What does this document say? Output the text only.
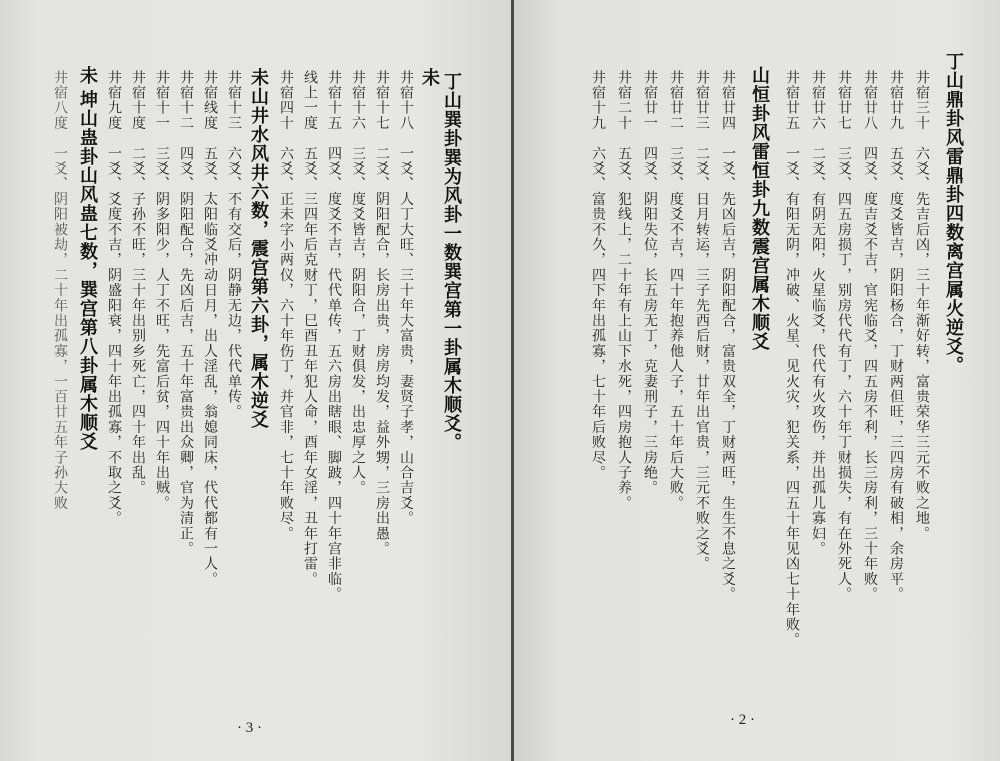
丁山巽卦巽为风卦一数巽宫第一卦属木顺爻。
未
井宿十八　一爻、人丁大旺、三十年大富贵，妻贤子孝，山合吉爻。
井宿十七　二爻、阴阳配合，长房出贵，房房均发，益外甥，三房出愚。
井宿十六　三爻、度爻皆吉，阴阳合，丁财俱发，出忠厚之人。
井宿十五　四爻、度爻不吉，代代单传，五六房出瞎眼、脚跛，四十年宫非临。
线上一度　五爻、三四年后克财丁，巳酉丑年犯人命，酉年女淫，丑年打雷。
井宿四十　六爻、正未字小两仪，六十年伤丁，并官非，七十年败尽。
未山井水风井六数，震宫第六卦，属木逆爻
井宿十三　六爻、不有交后，阴静无边，代代单传。
井宿线度　五爻、太阳临爻冲动日月，出人淫乱，翁媳同床，代代都有一人。
井宿十二　四爻、阴阳配合，先凶后吉，五十年富贵出众卿，官为清正。
井宿十一　三爻、阴多阳少，人丁不旺，先富后贫，四十年出贼。
井宿十度　二爻、子孙不旺，三十年出别乡死亡，四十年出乱。
井宿九度　一爻、爻度不吉，阴盛阳衰，四十年出孤寡，不取之爻。
坤山蛊卦山风蛊七数，巽宫第八卦属木顺爻
未
井宿八度　一爻、阴阳被劫，二十年出孤寡，一百廿五年子孙大败
· 3 ·
丁山鼎卦风雷鼎卦四数离宫属火逆爻。
井宿三十　六爻、先吉后凶，三十年渐好转，富贵荣华三元不败之地。
井宿廿九　五爻、度爻皆吉，阴阳杨合，丁财两但旺，三四房有破相，余房平。
井宿廿八　四爻、度吉爻不吉，官宪临爻，四五房不利，长三房利，三十年败。
井宿廿七　三爻、四五房损丁，别房代代有丁，六十年丁财损失，有在外死人。
井宿廿六　二爻、有阴无阳，火星临爻，代代有火攻伤，并出孤儿寡妇。
井宿廿五　一爻、有阳无阴，冲破、火星、见火灾，犯关系，四五十年见凶七十年败。
山恒卦风雷恒卦九数震宫属木顺爻
井宿廿四　一爻、先凶后吉，阴阳配合，富贵双全，丁财两旺，生生不息之爻。
井宿廿三　二爻、日月转运，三子先西后财，廿年出官贵，三元不败之爻。
井宿廿二　三爻、度爻不吉，四十年抱养他人子，五十年后大败。
井宿廿一　四爻、阴阳失位，长五房无丁，克妻刑子，三房绝。
井宿二十　五爻、犯线上，二十年有上山下水死，四房抱人子养。
井宿十九　六爻、富贵不久，四下年出孤寡，七十年后败尽。
· 2 ·
